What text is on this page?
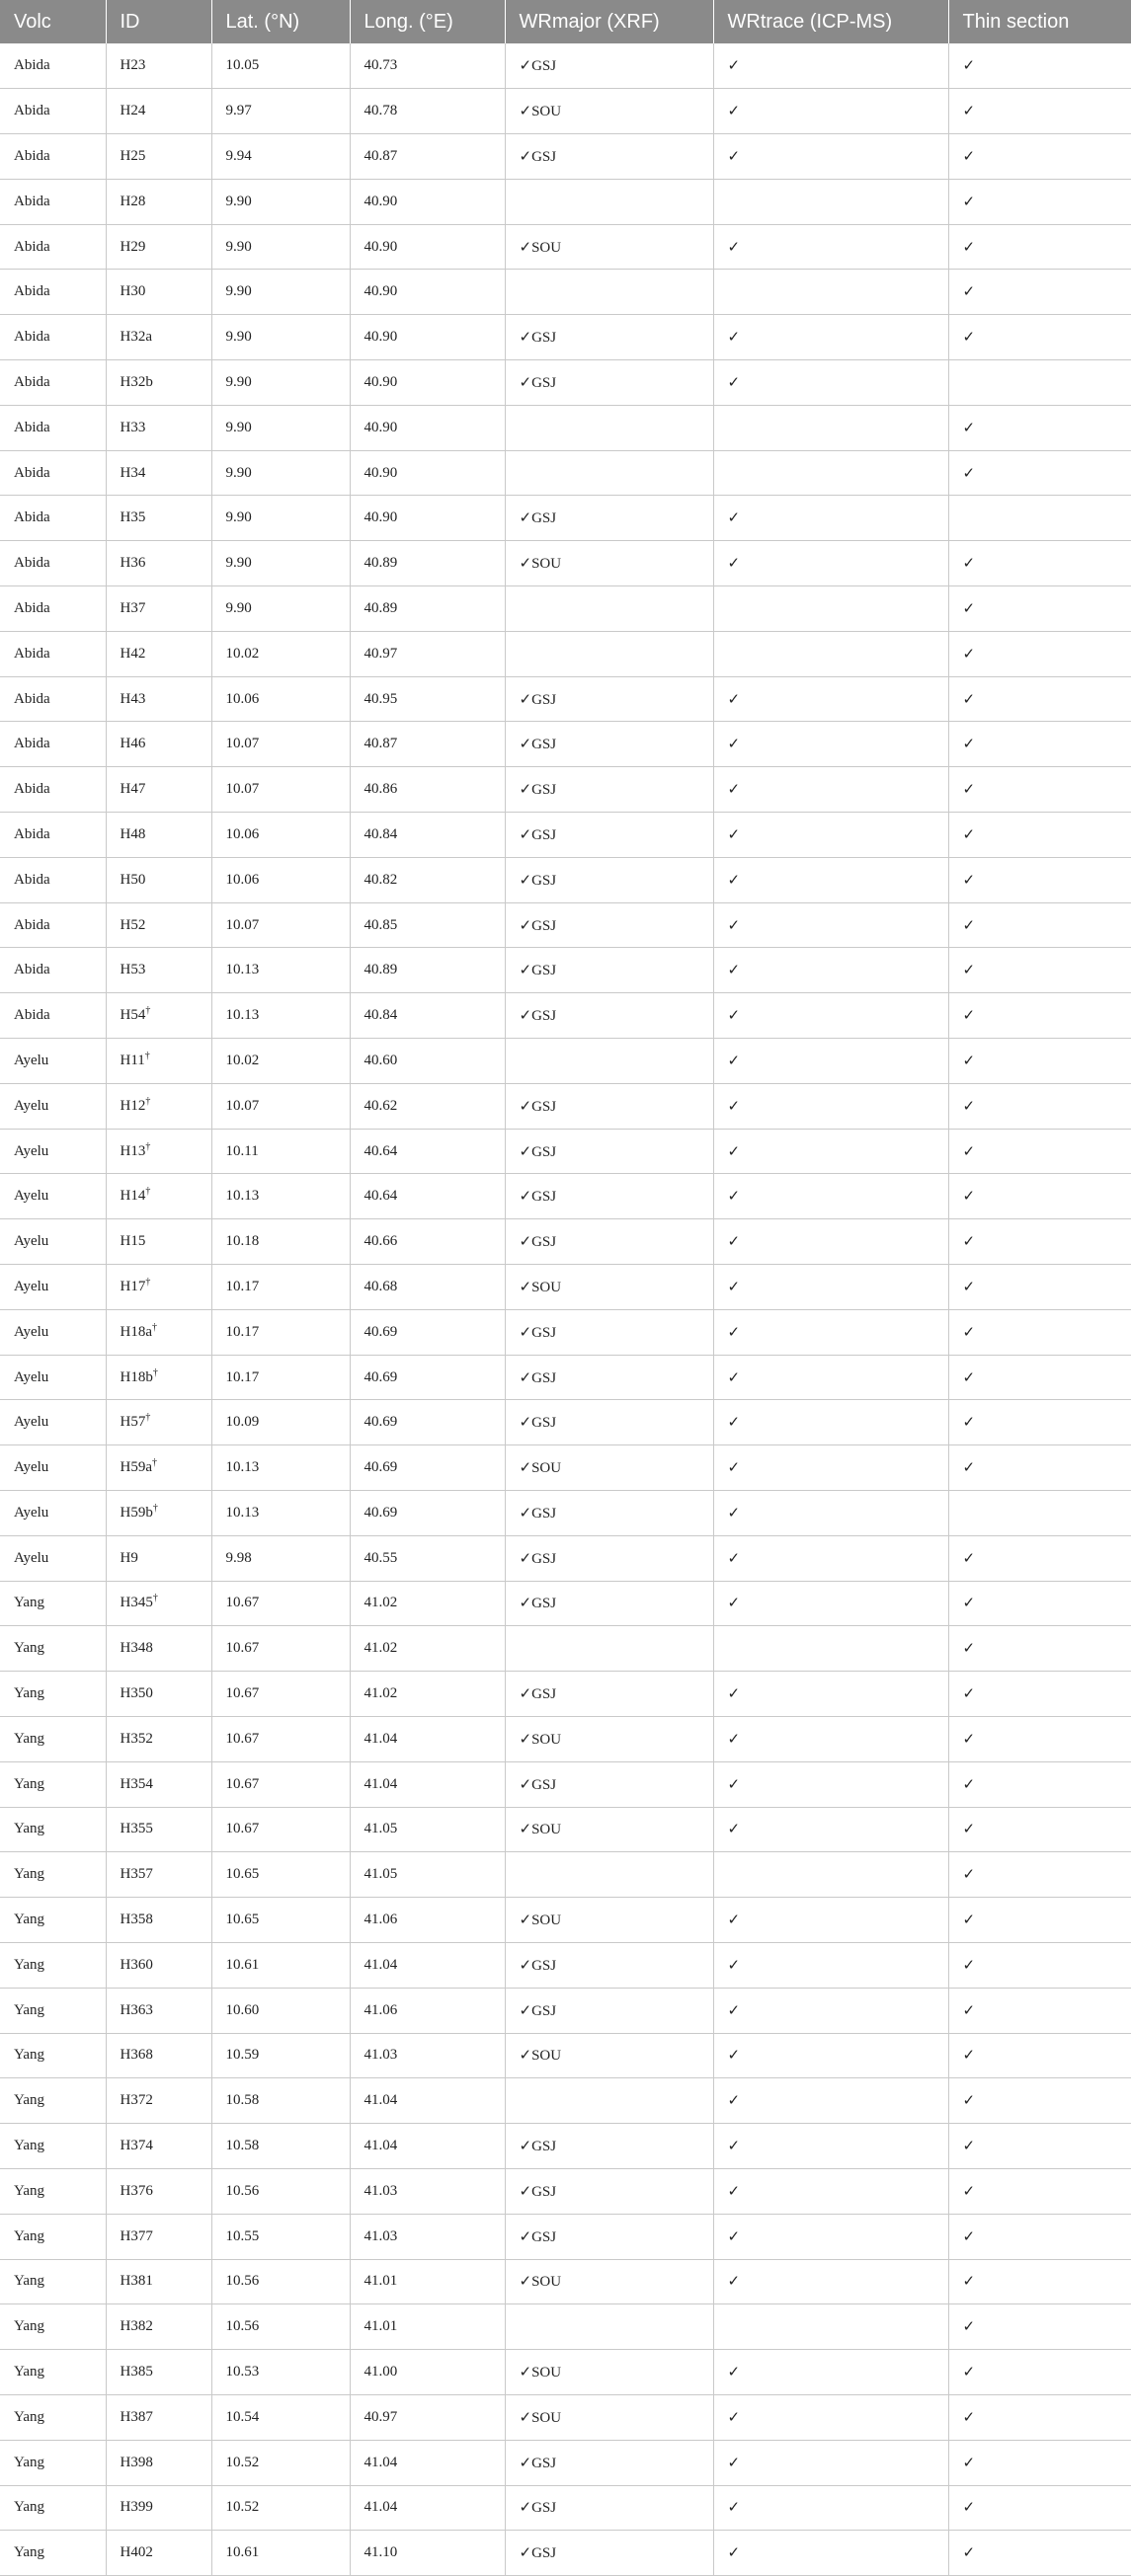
Volc	ID	Lat. (°N)	Long. (°E)	WRmajor (XRF)	WRtrace (ICP-MS)	Thin section
Abida	H23	10.05	40.73	✓GSJ	✓	✓
Abida	H24	9.97	40.78	✓SOU	✓	✓
Abida	H25	9.94	40.87	✓GSJ	✓	✓
Abida	H28	9.90	40.90			✓
Abida	H29	9.90	40.90	✓SOU	✓	✓
Abida	H30	9.90	40.90			✓
Abida	H32a	9.90	40.90	✓GSJ	✓	✓
Abida	H32b	9.90	40.90	✓GSJ	✓	
Abida	H33	9.90	40.90			✓
Abida	H34	9.90	40.90			✓
Abida	H35	9.90	40.90	✓GSJ	✓	
Abida	H36	9.90	40.89	✓SOU	✓	✓
Abida	H37	9.90	40.89			✓
Abida	H42	10.02	40.97			✓
Abida	H43	10.06	40.95	✓GSJ	✓	✓
Abida	H46	10.07	40.87	✓GSJ	✓	✓
Abida	H47	10.07	40.86	✓GSJ	✓	✓
Abida	H48	10.06	40.84	✓GSJ	✓	✓
Abida	H50	10.06	40.82	✓GSJ	✓	✓
Abida	H52	10.07	40.85	✓GSJ	✓	✓
Abida	H53	10.13	40.89	✓GSJ	✓	✓
Abida	H54†	10.13	40.84	✓GSJ	✓	✓
Ayelu	H11†	10.02	40.60		✓	✓
Ayelu	H12†	10.07	40.62	✓GSJ	✓	✓
Ayelu	H13†	10.11	40.64	✓GSJ	✓	✓
Ayelu	H14†	10.13	40.64	✓GSJ	✓	✓
Ayelu	H15	10.18	40.66	✓GSJ	✓	✓
Ayelu	H17†	10.17	40.68	✓SOU	✓	✓
Ayelu	H18a†	10.17	40.69	✓GSJ	✓	✓
Ayelu	H18b†	10.17	40.69	✓GSJ	✓	✓
Ayelu	H57†	10.09	40.69	✓GSJ	✓	✓
Ayelu	H59a†	10.13	40.69	✓SOU	✓	✓
Ayelu	H59b†	10.13	40.69	✓GSJ	✓	
Ayelu	H9	9.98	40.55	✓GSJ	✓	✓
Yang	H345†	10.67	41.02	✓GSJ	✓	✓
Yang	H348	10.67	41.02			✓
Yang	H350	10.67	41.02	✓GSJ	✓	✓
Yang	H352	10.67	41.04	✓SOU	✓	✓
Yang	H354	10.67	41.04	✓GSJ	✓	✓
Yang	H355	10.67	41.05	✓SOU	✓	✓
Yang	H357	10.65	41.05			✓
Yang	H358	10.65	41.06	✓SOU	✓	✓
Yang	H360	10.61	41.04	✓GSJ	✓	✓
Yang	H363	10.60	41.06	✓GSJ	✓	✓
Yang	H368	10.59	41.03	✓SOU	✓	✓
Yang	H372	10.58	41.04		✓	✓
Yang	H374	10.58	41.04	✓GSJ	✓	✓
Yang	H376	10.56	41.03	✓GSJ	✓	✓
Yang	H377	10.55	41.03	✓GSJ	✓	✓
Yang	H381	10.56	41.01	✓SOU	✓	✓
Yang	H382	10.56	41.01			✓
Yang	H385	10.53	41.00	✓SOU	✓	✓
Yang	H387	10.54	40.97	✓SOU	✓	✓
Yang	H398	10.52	41.04	✓GSJ	✓	✓
Yang	H399	10.52	41.04	✓GSJ	✓	✓
Yang	H402	10.61	41.10	✓GSJ	✓	✓
